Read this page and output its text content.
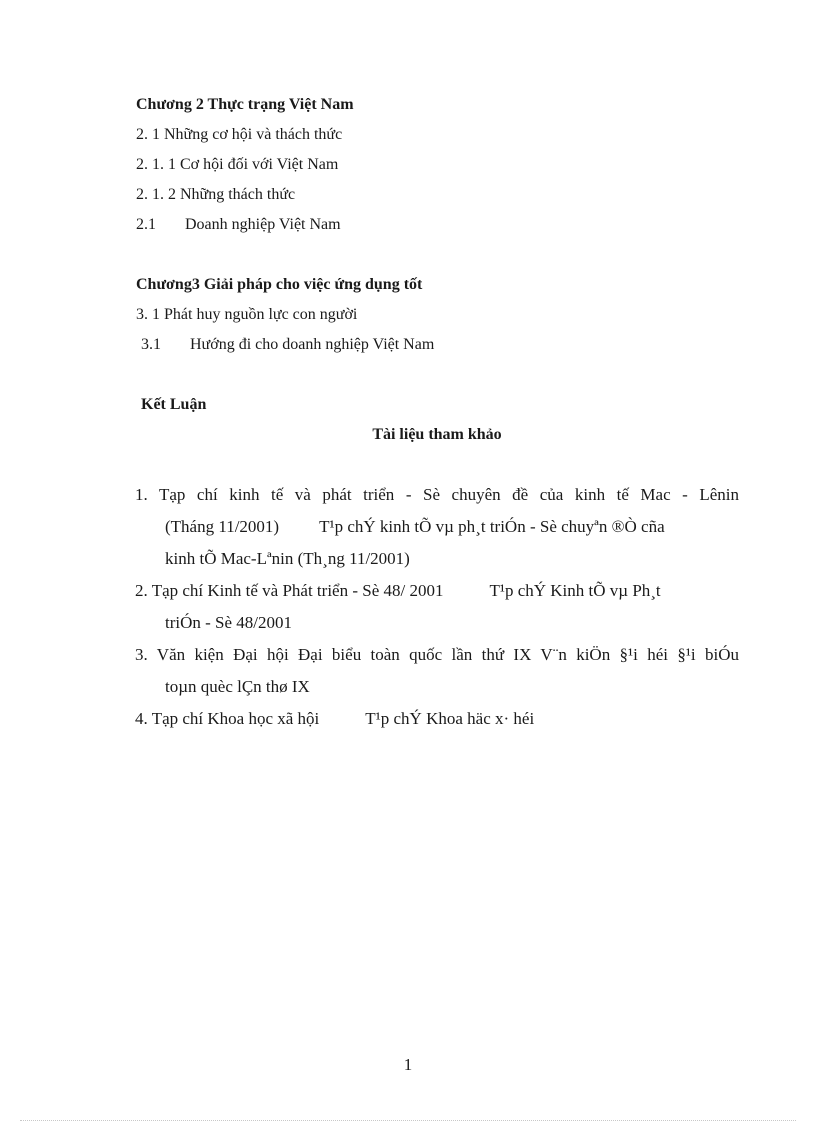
Chương 2 Thực trạng Việt Nam
2. 1 Những cơ hội và thách thức
2. 1. 1 Cơ hội đối với Việt Nam
2. 1. 2 Những thách thức
2.1 Doanh nghiệp Việt Nam
Chương3 Giải pháp cho việc ứng dụng tốt
3. 1 Phát huy nguồn lực con người
3.1 Hướng đi cho doanh nghiệp Việt Nam
Kết Luận
Tài liệu tham khảo
1. Tạp chí kinh tế và phát triển - Sè chuyên đề của kinh tế Mac - Lênin
(Tháng 11/2001) T¹p chÝ kinh tÕ vµ ph¸t triÓn - Sè chuyªn ®Ò cña
kinh tÕ Mac-Lªnin (Th¸ng 11/2001)
2. Tạp chí Kinh tế và Phát triển - Sè 48/ 2001	T¹p chÝ Kinh tÕ vµ Ph¸t
triÓn - Sè 48/2001
3. Văn kiện Đại hội Đại biểu toàn quốc lần thứ IX V¨n kiÖn §¹i héi §¹i biÓu
toµn quèc lÇn thø IX
4. Tạp chí Khoa học xã hội	T¹p chÝ Khoa häc x· héi
1
